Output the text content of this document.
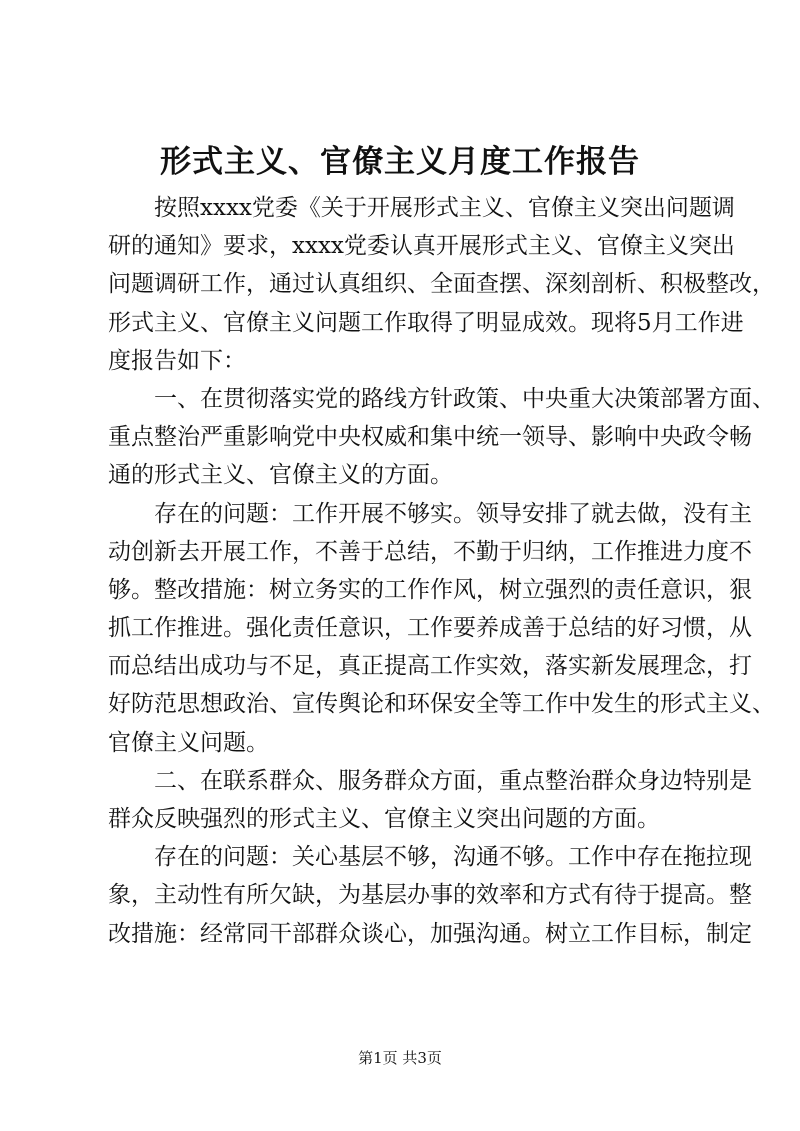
形式主义、官僚主义月度工作报告
按照xxxx党委《关于开展形式主义、官僚主义突出问题调
研的通知》要求，xxxx党委认真开展形式主义、官僚主义突出
问题调研工作，通过认真组织、全面查摆、深刻剖析、积极整改，
形式主义、官僚主义问题工作取得了明显成效。现将5月工作进
度报告如下：
一、在贯彻落实党的路线方针政策、中央重大决策部署方面、
重点整治严重影响党中央权威和集中统一领导、影响中央政令畅
通的形式主义、官僚主义的方面。
存在的问题：工作开展不够实。领导安排了就去做，没有主
动创新去开展工作，不善于总结，不勤于归纳，工作推进力度不
够。整改措施：树立务实的工作作风，树立强烈的责任意识，狠
抓工作推进。强化责任意识，工作要养成善于总结的好习惯，从
而总结出成功与不足，真正提高工作实效，落实新发展理念，打
好防范思想政治、宣传舆论和环保安全等工作中发生的形式主义、
官僚主义问题。
二、在联系群众、服务群众方面，重点整治群众身边特别是
群众反映强烈的形式主义、官僚主义突出问题的方面。
存在的问题：关心基层不够，沟通不够。工作中存在拖拉现
象，主动性有所欠缺，为基层办事的效率和方式有待于提高。整
改措施：经常同干部群众谈心，加强沟通。树立工作目标，制定
第1页 共3页
